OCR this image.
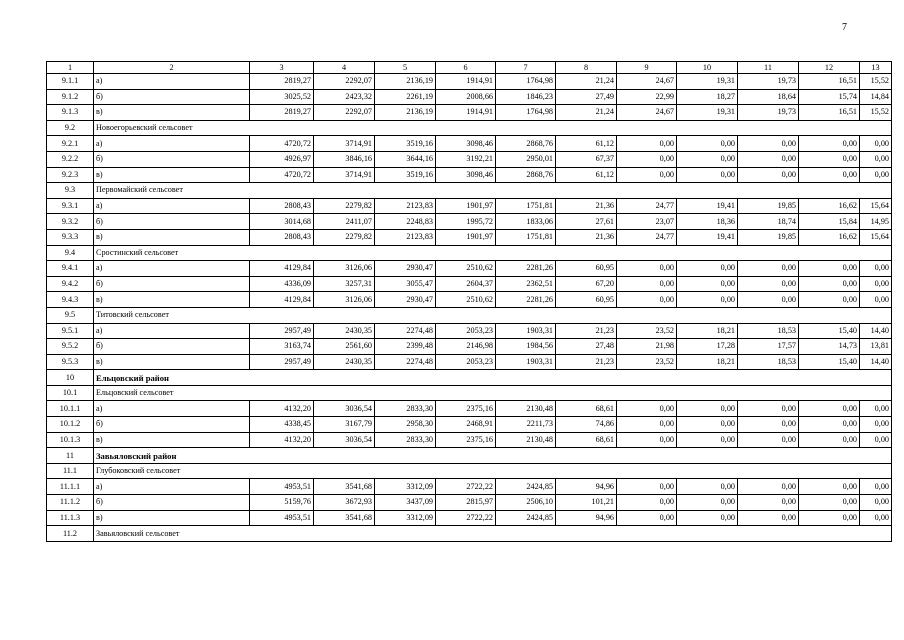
7
1	2	3	4	5	6	7	8	9	10	11	12	13
9.1.1	а)	2819,27	2292,07	2136,19	1914,91	1764,98	21,24	24,67	19,31	19,73	16,51	15,52
9.1.2	б)	3025,52	2423,32	2261,19	2008,66	1846,23	27,49	22,99	18,27	18,64	15,74	14,84
9.1.3	в)	2819,27	2292,07	2136,19	1914,91	1764,98	21,24	24,67	19,31	19,73	16,51	15,52
9.2	Новоегорьевский сельсовет											
9.2.1	а)	4720,72	3714,91	3519,16	3098,46	2868,76	61,12	0,00	0,00	0,00	0,00	0,00
9.2.2	б)	4926,97	3846,16	3644,16	3192,21	2950,01	67,37	0,00	0,00	0,00	0,00	0,00
9.2.3	в)	4720,72	3714,91	3519,16	3098,46	2868,76	61,12	0,00	0,00	0,00	0,00	0,00
9.3	Первомайский сельсовет											
9.3.1	а)	2808,43	2279,82	2123,83	1901,97	1751,81	21,36	24,77	19,41	19,85	16,62	15,64
9.3.2	б)	3014,68	2411,07	2248,83	1995,72	1833,06	27,61	23,07	18,36	18,74	15,84	14,95
9.3.3	в)	2808,43	2279,82	2123,83	1901,97	1751,81	21,36	24,77	19,41	19,85	16,62	15,64
9.4	Сростинский сельсовет											
9.4.1	а)	4129,84	3126,06	2930,47	2510,62	2281,26	60,95	0,00	0,00	0,00	0,00	0,00
9.4.2	б)	4336,09	3257,31	3055,47	2604,37	2362,51	67,20	0,00	0,00	0,00	0,00	0,00
9.4.3	в)	4129,84	3126,06	2930,47	2510,62	2281,26	60,95	0,00	0,00	0,00	0,00	0,00
9.5	Титовский сельсовет											
9.5.1	а)	2957,49	2430,35	2274,48	2053,23	1903,31	21,23	23,52	18,21	18,53	15,40	14,40
9.5.2	б)	3163,74	2561,60	2399,48	2146,98	1984,56	27,48	21,98	17,28	17,57	14,73	13,81
9.5.3	в)	2957,49	2430,35	2274,48	2053,23	1903,31	21,23	23,52	18,21	18,53	15,40	14,40
10	Ельцовский район											
10.1	Ельцовский сельсовет											
10.1.1	а)	4132,20	3036,54	2833,30	2375,16	2130,48	68,61	0,00	0,00	0,00	0,00	0,00
10.1.2	б)	4338,45	3167,79	2958,30	2468,91	2211,73	74,86	0,00	0,00	0,00	0,00	0,00
10.1.3	в)	4132,20	3036,54	2833,30	2375,16	2130,48	68,61	0,00	0,00	0,00	0,00	0,00
11	Завьяловский район											
11.1	Глубоковский сельсовет											
11.1.1	а)	4953,51	3541,68	3312,09	2722,22	2424,85	94,96	0,00	0,00	0,00	0,00	0,00
11.1.2	б)	5159,76	3672,93	3437,09	2815,97	2506,10	101,21	0,00	0,00	0,00	0,00	0,00
11.1.3	в)	4953,51	3541,68	3312,09	2722,22	2424,85	94,96	0,00	0,00	0,00	0,00	0,00
11.2	Завьяловский сельсовет											
